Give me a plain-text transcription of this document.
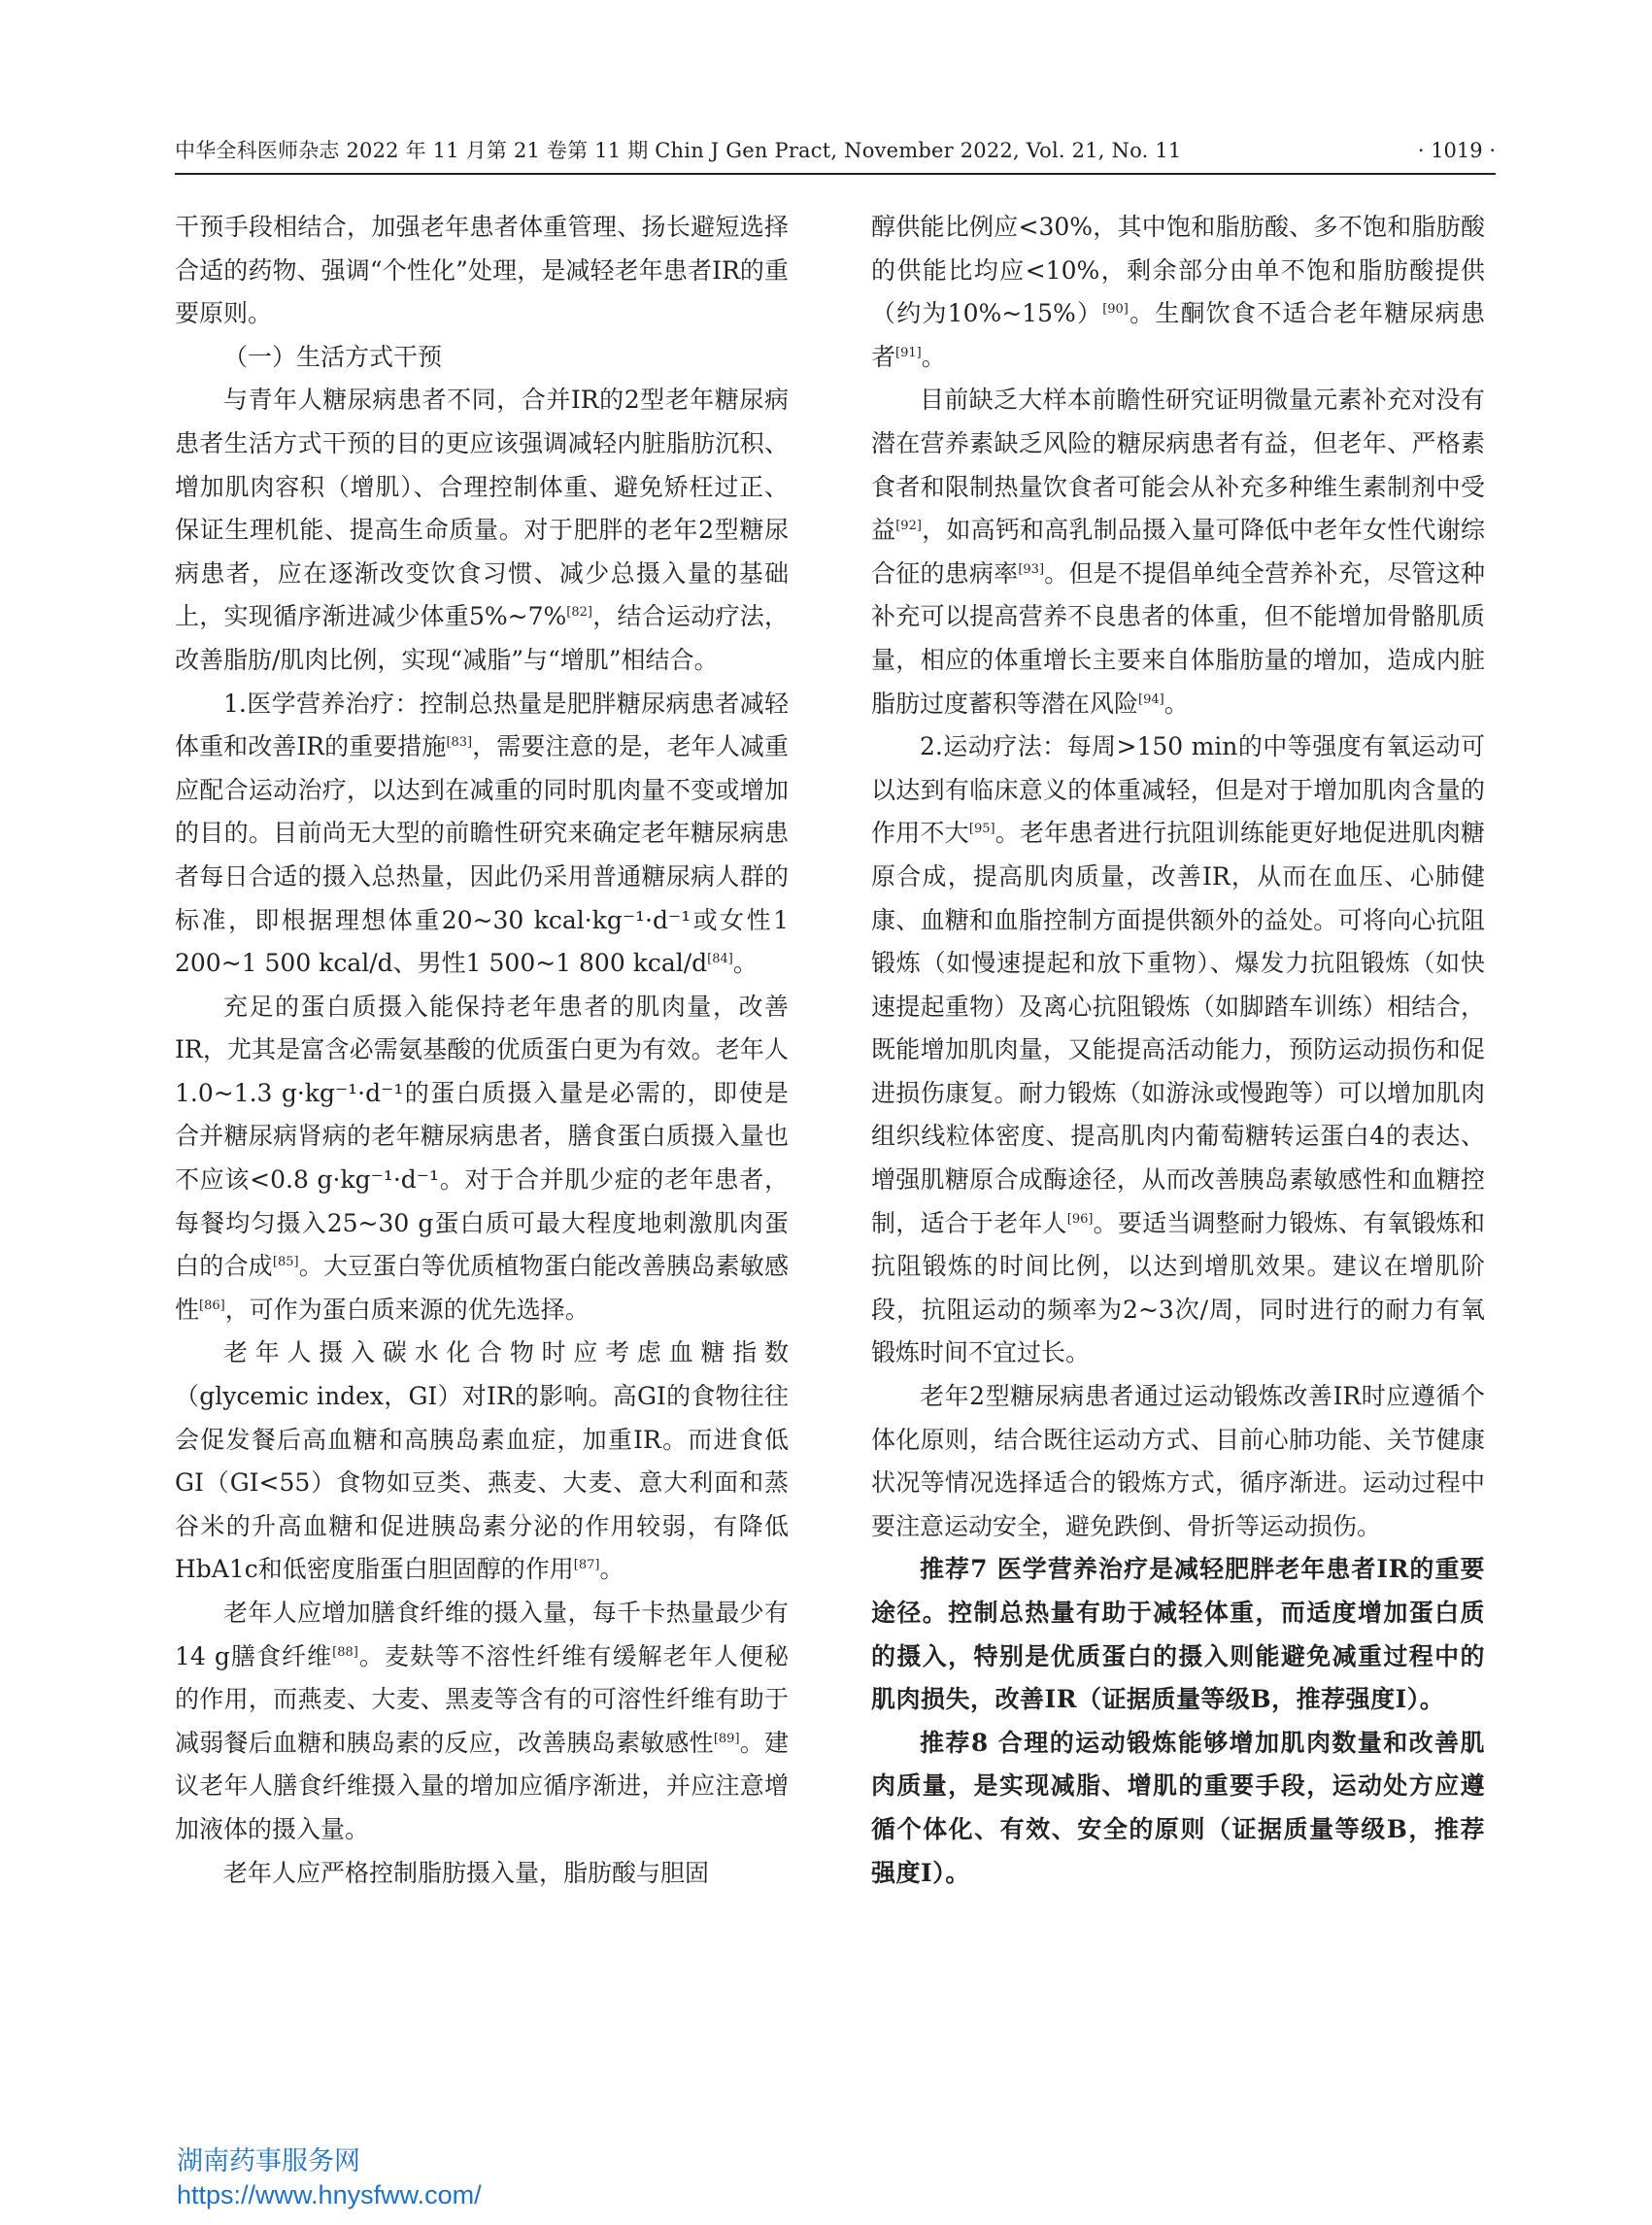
中华全科医师杂志 2022 年 11 月第 21 卷第 11 期 Chin J Gen Pract, November 2022, Vol. 21, No. 11	· 1019 ·

干预手段相结合，加强老年患者体重管理、扬长避短选择合适的药物、强调“个性化”处理，是减轻老年患者IR的重要原则。

（一）生活方式干预

与青年人糖尿病患者不同，合并IR的2型老年糖尿病患者生活方式干预的目的更应该强调减轻内脏脂肪沉积、增加肌肉容积（增肌）、合理控制体重、避免矫枉过正、保证生理机能、提高生命质量。对于肥胖的老年2型糖尿病患者，应在逐渐改变饮食习惯、减少总摄入量的基础上，实现循序渐进减少体重5%~7%[82]，结合运动疗法，改善脂肪/肌肉比例，实现“减脂”与“增肌”相结合。

1.医学营养治疗：控制总热量是肥胖糖尿病患者减轻体重和改善IR的重要措施[83]，需要注意的是，老年人减重应配合运动治疗，以达到在减重的同时肌肉量不变或增加的目的。目前尚无大型的前瞻性研究来确定老年糖尿病患者每日合适的摄入总热量，因此仍采用普通糖尿病人群的标准，即根据理想体重20~30 kcal·kg⁻¹·d⁻¹或女性1 200~1 500 kcal/d、男性1 500~1 800 kcal/d[84]。

充足的蛋白质摄入能保持老年患者的肌肉量，改善IR，尤其是富含必需氨基酸的优质蛋白更为有效。老年人1.0~1.3 g·kg⁻¹·d⁻¹的蛋白质摄入量是必需的，即使是合并糖尿病肾病的老年糖尿病患者，膳食蛋白质摄入量也不应该<0.8 g·kg⁻¹·d⁻¹。对于合并肌少症的老年患者，每餐均匀摄入25~30 g蛋白质可最大程度地刺激肌肉蛋白的合成[85]。大豆蛋白等优质植物蛋白能改善胰岛素敏感性[86]，可作为蛋白质来源的优先选择。

老年人摄入碳水化合物时应考虑血糖指数（glycemic index，GI）对IR的影响。高GI的食物往往会促发餐后高血糖和高胰岛素血症，加重IR。而进食低GI（GI<55）食物如豆类、燕麦、大麦、意大利面和蒸谷米的升高血糖和促进胰岛素分泌的作用较弱，有降低HbA1c和低密度脂蛋白胆固醇的作用[87]。

老年人应增加膳食纤维的摄入量，每千卡热量最少有14 g膳食纤维[88]。麦麸等不溶性纤维有缓解老年人便秘的作用，而燕麦、大麦、黑麦等含有的可溶性纤维有助于减弱餐后血糖和胰岛素的反应，改善胰岛素敏感性[89]。建议老年人膳食纤维摄入量的增加应循序渐进，并应注意增加液体的摄入量。

老年人应严格控制脂肪摄入量，脂肪酸与胆固

醇供能比例应<30%，其中饱和脂肪酸、多不饱和脂肪酸的供能比均应<10%，剩余部分由单不饱和脂肪酸提供（约为10%~15%）[90]。生酮饮食不适合老年糖尿病患者[91]。

目前缺乏大样本前瞻性研究证明微量元素补充对没有潜在营养素缺乏风险的糖尿病患者有益，但老年、严格素食者和限制热量饮食者可能会从补充多种维生素制剂中受益[92]，如高钙和高乳制品摄入量可降低中老年女性代谢综合征的患病率[93]。但是不提倡单纯全营养补充，尽管这种补充可以提高营养不良患者的体重，但不能增加骨骼肌质量，相应的体重增长主要来自体脂肪量的增加，造成内脏脂肪过度蓄积等潜在风险[94]。

2.运动疗法：每周>150 min的中等强度有氧运动可以达到有临床意义的体重减轻，但是对于增加肌肉含量的作用不大[95]。老年患者进行抗阻训练能更好地促进肌肉糖原合成，提高肌肉质量，改善IR，从而在血压、心肺健康、血糖和血脂控制方面提供额外的益处。可将向心抗阻锻炼（如慢速提起和放下重物）、爆发力抗阻锻炼（如快速提起重物）及离心抗阻锻炼（如脚踏车训练）相结合，既能增加肌肉量，又能提高活动能力，预防运动损伤和促进损伤康复。耐力锻炼（如游泳或慢跑等）可以增加肌肉组织线粒体密度、提高肌肉内葡萄糖转运蛋白4的表达、增强肌糖原合成酶途径，从而改善胰岛素敏感性和血糖控制，适合于老年人[96]。要适当调整耐力锻炼、有氧锻炼和抗阻锻炼的时间比例，以达到增肌效果。建议在增肌阶段，抗阻运动的频率为2~3次/周，同时进行的耐力有氧锻炼时间不宜过长。

老年2型糖尿病患者通过运动锻炼改善IR时应遵循个体化原则，结合既往运动方式、目前心肺功能、关节健康状况等情况选择适合的锻炼方式，循序渐进。运动过程中要注意运动安全，避免跌倒、骨折等运动损伤。

推荐7 医学营养治疗是减轻肥胖老年患者IR的重要途径。控制总热量有助于减轻体重，而适度增加蛋白质的摄入，特别是优质蛋白的摄入则能避免减重过程中的肌肉损失，改善IR（证据质量等级B，推荐强度Ⅰ）。

推荐8 合理的运动锻炼能够增加肌肉数量和改善肌肉质量，是实现减脂、增肌的重要手段，运动处方应遵循个体化、有效、安全的原则（证据质量等级B，推荐强度Ⅰ）。

湖南药事服务网
https://www.hnysfww.com/
